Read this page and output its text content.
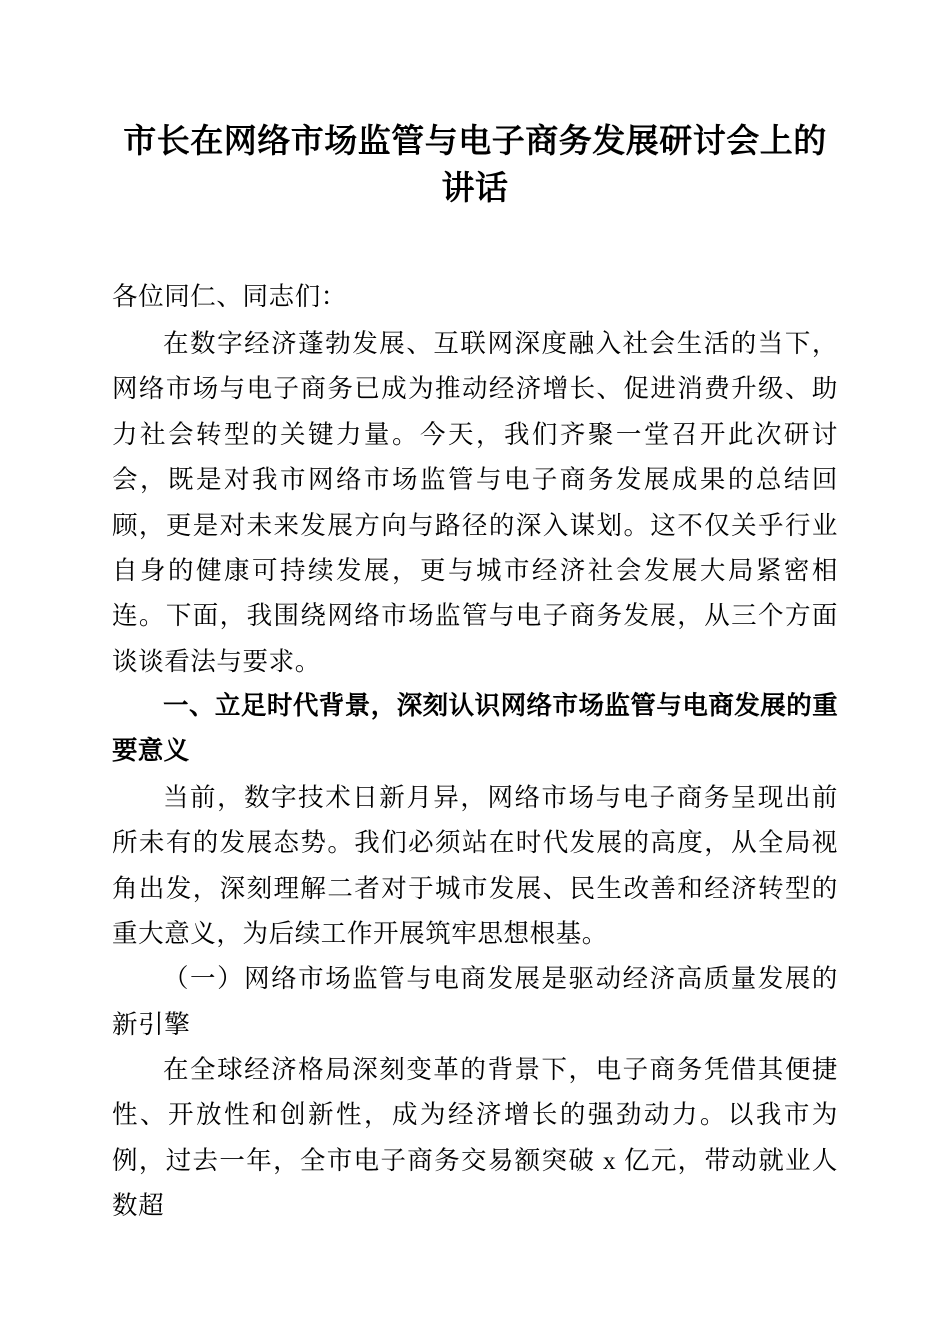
市长在网络市场监管与电子商务发展研讨会上的讲话

各位同仁、同志们：

在数字经济蓬勃发展、互联网深度融入社会生活的当下，网络市场与电子商务已成为推动经济增长、促进消费升级、助力社会转型的关键力量。今天，我们齐聚一堂召开此次研讨会，既是对我市网络市场监管与电子商务发展成果的总结回顾，更是对未来发展方向与路径的深入谋划。这不仅关乎行业自身的健康可持续发展，更与城市经济社会发展大局紧密相连。下面，我围绕网络市场监管与电子商务发展，从三个方面谈谈看法与要求。

一、立足时代背景，深刻认识网络市场监管与电商发展的重要意义

当前，数字技术日新月异，网络市场与电子商务呈现出前所未有的发展态势。我们必须站在时代发展的高度，从全局视角出发，深刻理解二者对于城市发展、民生改善和经济转型的重大意义，为后续工作开展筑牢思想根基。

（一）网络市场监管与电商发展是驱动经济高质量发展的新引擎

在全球经济格局深刻变革的背景下，电子商务凭借其便捷性、开放性和创新性，成为经济增长的强劲动力。以我市为例，过去一年，全市电子商务交易额突破 x 亿元，带动就业人数超
